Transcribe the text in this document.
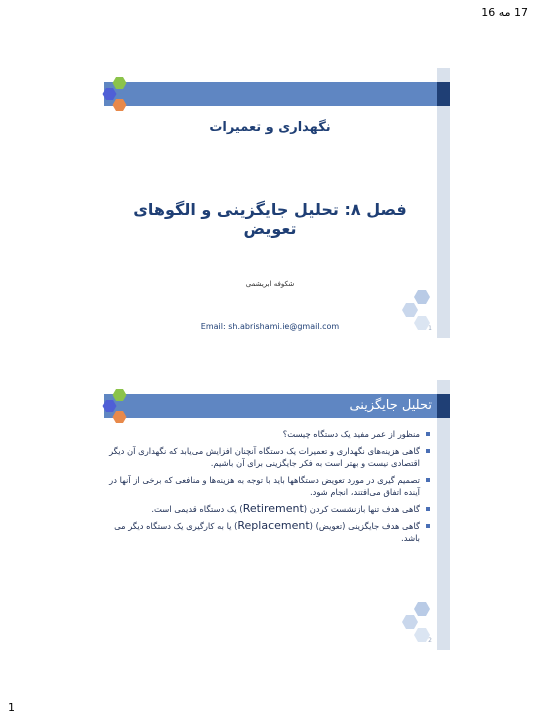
17 مه 16
نگهداری و تعمیرات
فصل ۸: تحلیل جایگزینی و الگوهای تعویض
شکوفه ابریشمی
Email: sh.abrishami.ie@gmail.com	1
تحلیل جایگزینی
منظور از عمر مفید یک دستگاه چیست؟
گاهی هزینه‌های نگهداری و تعمیرات یک دستگاه آنچنان افزایش می‌یابد که نگهداری آن دیگر اقتصادی نیست و بهتر است به فکر جایگزینی برای آن باشیم.
تصمیم گیری در مورد تعویض دستگاهها باید با توجه به هزینه‌ها و منافعی که برخی از آنها در آینده اتفاق می‌افتند، انجام شود.
گاهی هدف تنها بازنشست کردن (Retirement) یک دستگاه قدیمی است.
گاهی هدف جایگزینی (تعویض) (Replacement) یا به کارگیری یک دستگاه دیگر می باشد.
2
1
